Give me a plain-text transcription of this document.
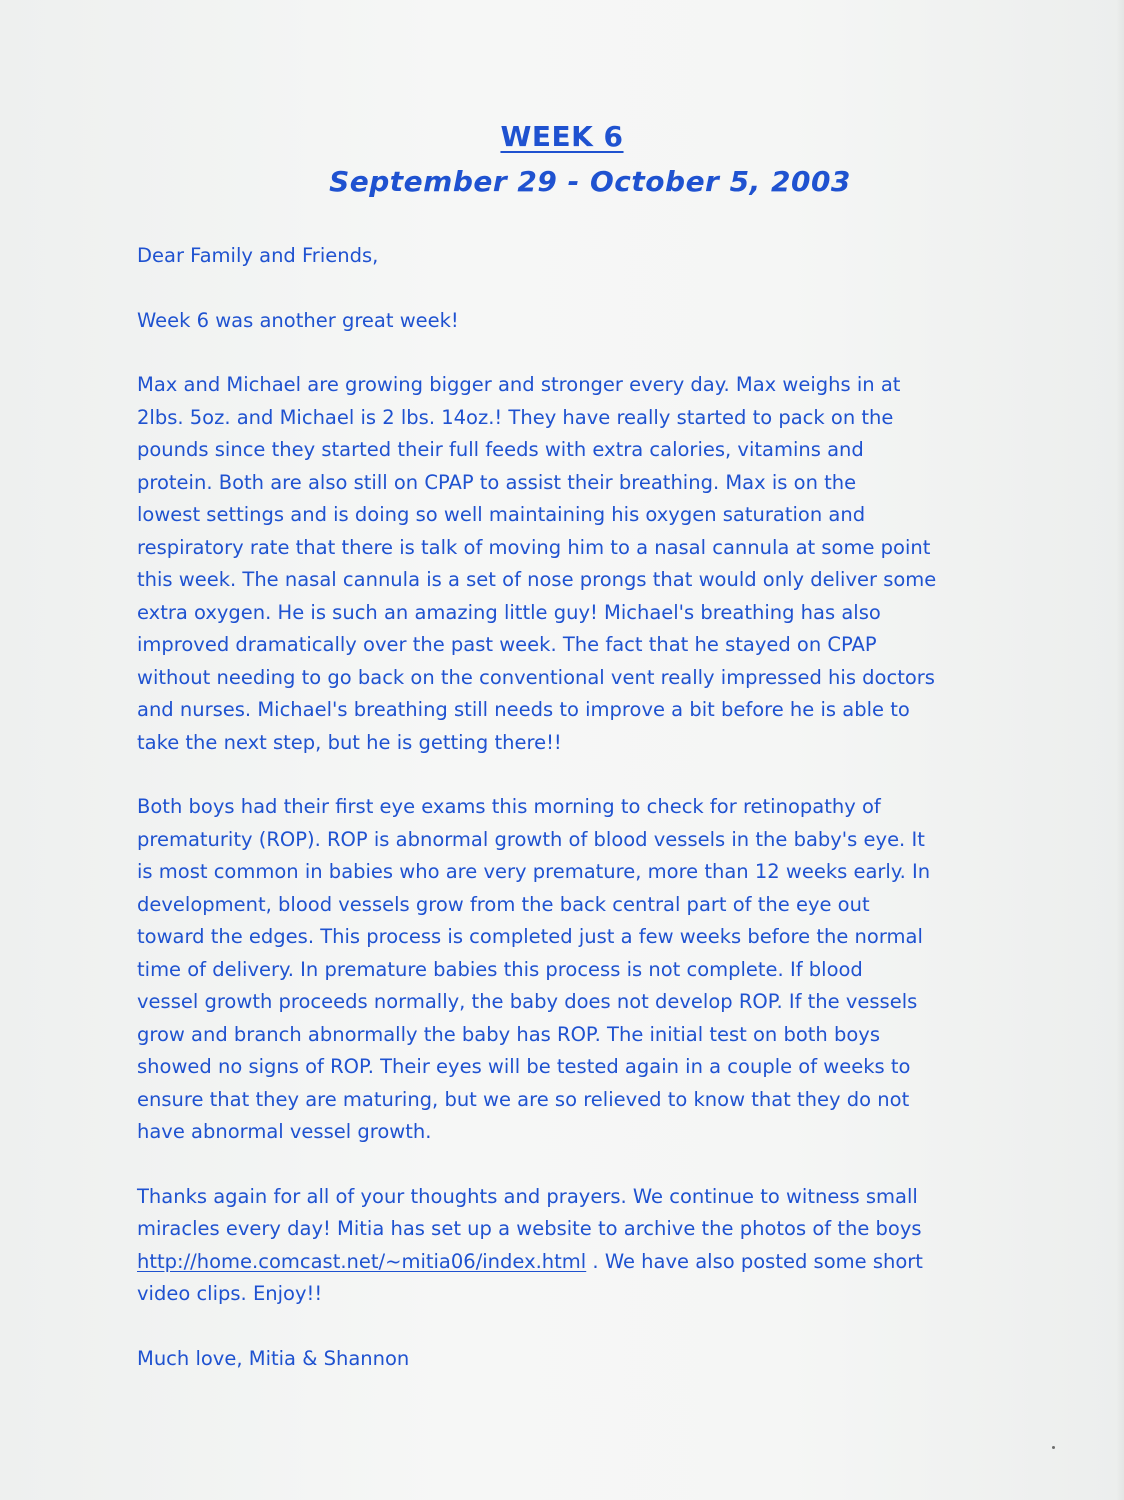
WEEK 6
September 29 - October 5, 2003

Dear Family and Friends,

Week 6 was another great week!

Max and Michael are growing bigger and stronger every day. Max weighs in at
2lbs. 5oz. and Michael is 2 lbs. 14oz.! They have really started to pack on the
pounds since they started their full feeds with extra calories, vitamins and
protein. Both are also still on CPAP to assist their breathing. Max is on the
lowest settings and is doing so well maintaining his oxygen saturation and
respiratory rate that there is talk of moving him to a nasal cannula at some point
this week. The nasal cannula is a set of nose prongs that would only deliver some
extra oxygen. He is such an amazing little guy! Michael's breathing has also
improved dramatically over the past week. The fact that he stayed on CPAP
without needing to go back on the conventional vent really impressed his doctors
and nurses. Michael's breathing still needs to improve a bit before he is able to
take the next step, but he is getting there!!

Both boys had their first eye exams this morning to check for retinopathy of
prematurity (ROP). ROP is abnormal growth of blood vessels in the baby's eye. It
is most common in babies who are very premature, more than 12 weeks early. In
development, blood vessels grow from the back central part of the eye out
toward the edges. This process is completed just a few weeks before the normal
time of delivery. In premature babies this process is not complete. If blood
vessel growth proceeds normally, the baby does not develop ROP. If the vessels
grow and branch abnormally the baby has ROP. The initial test on both boys
showed no signs of ROP. Their eyes will be tested again in a couple of weeks to
ensure that they are maturing, but we are so relieved to know that they do not
have abnormal vessel growth.

Thanks again for all of your thoughts and prayers. We continue to witness small
miracles every day! Mitia has set up a website to archive the photos of the boys
http://home.comcast.net/~mitia06/index.html . We have also posted some short
video clips. Enjoy!!

Much love, Mitia & Shannon
